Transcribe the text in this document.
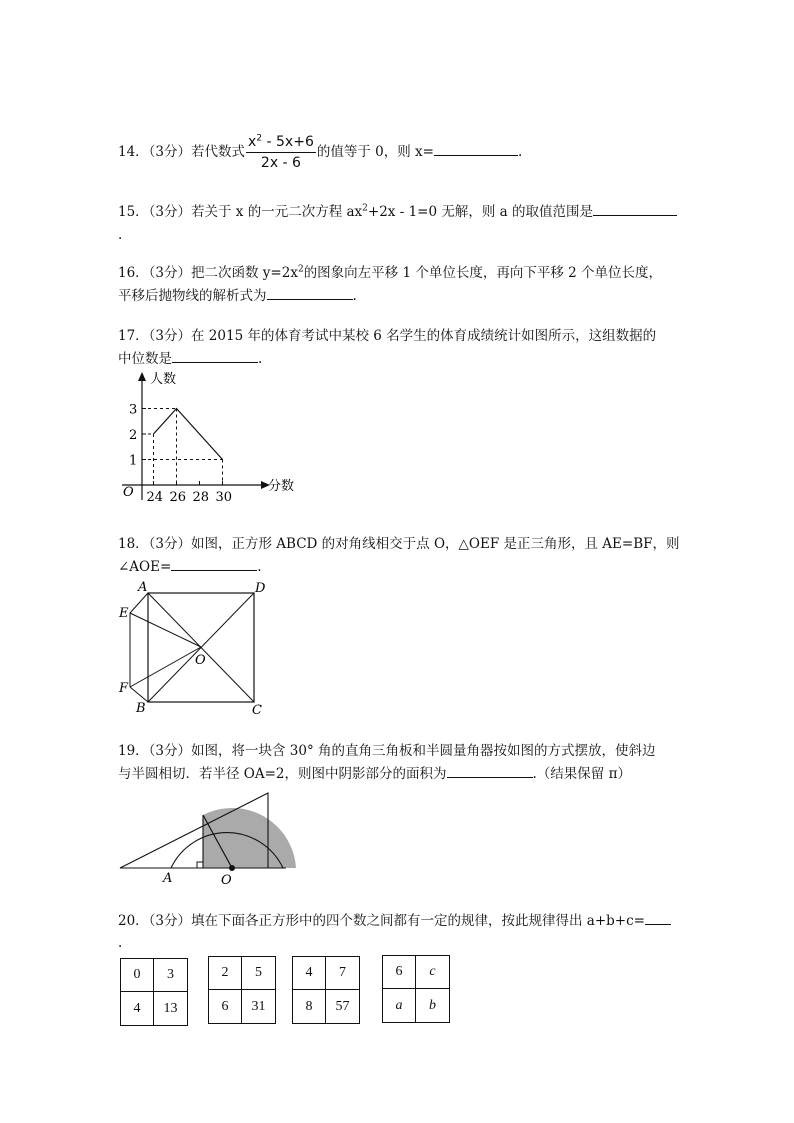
14．（3分）若代数式 $\frac{x^2 - 5x+6}{2x - 6}$ 的值等于 0，则 x=	.
15．（3分）若关于 x 的一元二次方程 $ax^2+2x - 1=0$ 无解，则 a 的取值范围是
.
16．（3分）把二次函数 $y=2x^2$的图象向左平移 1 个单位长度，再向下平移 2 个单位长度，
平移后抛物线的解析式为	.
17．（3分）在 2015 年的体育考试中某校 6 名学生的体育成绩统计如图所示，这组数据的
中位数是	.
分数
人数
O 24 26 28 30
1
2
3
18．（3分）如图，正方形 ABCD 的对角线相交于点 O，△OEF 是正三角形，且 AE=BF，则
∠AOE=	.
A	D
E
O
F
B	C
19．（3分）如图，将一块含 30° 角的直角三角板和半圆量角器按如图的方式摆放，使斜边
与半圆相切．若半径 OA=2，则图中阴影部分的面积为	.（结果保留 π）
A	O
20．（3分）填在下面各正方形中的四个数之间都有一定的规律，按此规律得出 a+b+c=
.
0	3
4	13
2	5
6	31
4	7
8	57
6	c
a	b
